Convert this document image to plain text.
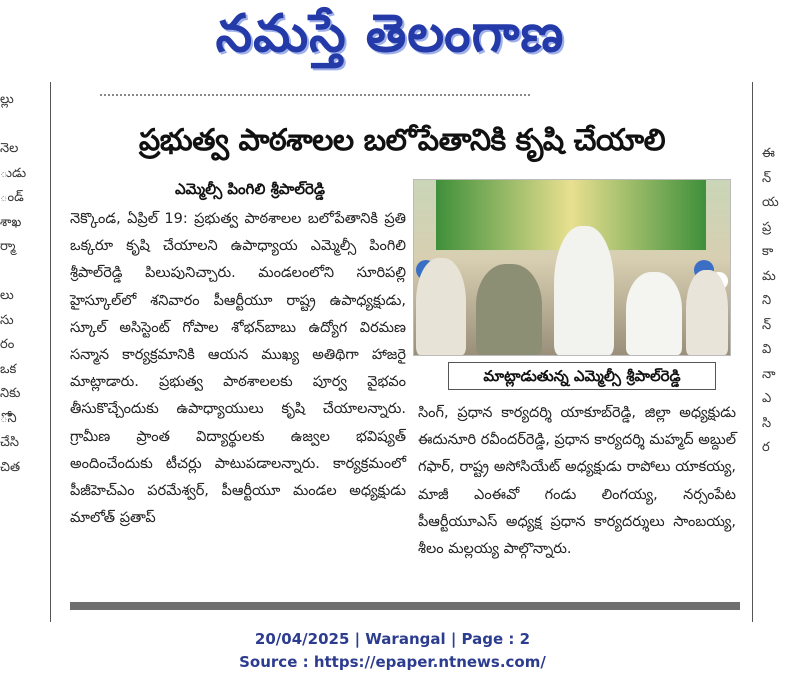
నమస్తే తెలంగాణ
ల్లు

నెల
ుడు
ండ్
శాఖ
ర్మా

లు
సు
రం
ఒక
నికు
ోని
చేసి
చిత
ఈ
న్
య
ప్ర
కా
మ
ని
న్
వి
నా
ఎ
సి
ర
ప్రభుత్వ పాఠశాలల బలోపేతానికి కృషి చేయాలి
ఎమ్మెల్సీ పింగిలి శ్రీపాల్‌రెడ్డి

నెక్కొండ, ఏప్రిల్ 19: ప్రభుత్వ పాఠశాలల బలోపేతానికి ప్రతి ఒక్కరూ కృషి చేయాలని ఉపాధ్యాయ ఎమ్మెల్సీ పింగిలి శ్రీపాల్‌రెడ్డి పిలుపునిచ్చారు. మండలంలోని సూరిపల్లి హైస్కూల్‌లో శనివారం పీఆర్టీయూ రాష్ట్ర ఉపాధ్యక్షుడు, స్కూల్ అసిస్టెంట్ గోపాల శోభన్‌బాబు ఉద్యోగ విరమణ సన్మాన కార్యక్రమానికి ఆయన ముఖ్య అతిథిగా హాజరై మాట్లాడారు. ప్రభుత్వ పాఠశాలలకు పూర్వ వైభవం తీసుకొచ్చేందుకు ఉపాధ్యాయులు కృషి చేయాలన్నారు. గ్రామీణ ప్రాంత విద్యార్థులకు ఉజ్వల భవిష్యత్ అందించేందుకు టీచర్లు పాటుపడాలన్నారు. కార్యక్రమంలో పీజీహెచ్‌ఎం పరమేశ్వర్, పీఆర్టీయూ మండల అధ్యక్షుడు మాలోత్ ప్రతాప్

మాట్లాడుతున్న ఎమ్మెల్సీ శ్రీపాల్‌రెడ్డి

సింగ్, ప్రధాన కార్యదర్శి యాకూబ్‌రెడ్డి, జిల్లా అధ్యక్షుడు ఈదునూరి రవీందర్‌రెడ్డి, ప్రధాన కార్యదర్శి మహ్మద్ అబ్దుల్ గఫార్, రాష్ట్ర అసోసియేట్ అధ్యక్షుడు రాపోలు యాకయ్య, మాజీ ఎంఈవో గండు లింగయ్య, నర్సంపేట పీఆర్టీయూఎస్ అధ్యక్ష ప్రధాన కార్యదర్శులు సాంబయ్య, శీలం మల్లయ్య పాల్గొన్నారు.

20/04/2025 | Warangal | Page : 2
Source : https://epaper.ntnews.com/
